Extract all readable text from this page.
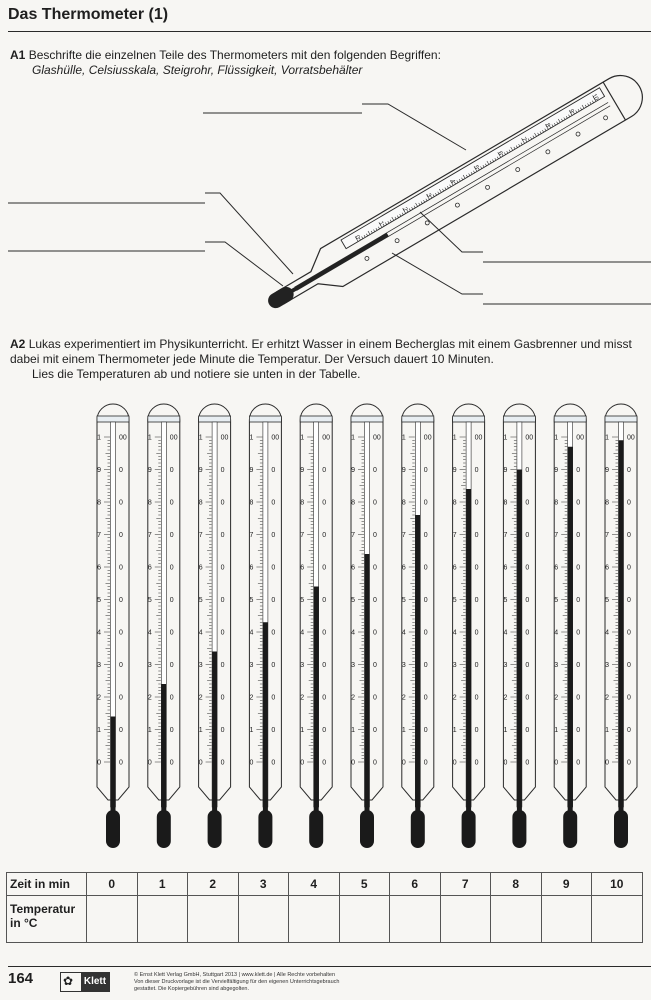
Das Thermometer (1)
A1 Beschrifte die einzelnen Teile des Thermometers mit den folgenden Begriffen:
Glashülle, Celsiusskala, Steigrohr, Flüssigkeit, Vorratsbehälter
0
1
2
3
4
5
6
7
8
9
10
A2 Lukas experimentiert im Physikunterricht. Er erhitzt Wasser in einem Becherglas mit einem Gasbrenner und misst dabei mit einem Thermometer jede Minute die Temperatur. Der Versuch dauert 10 Minuten.
Lies die Temperaturen ab und notiere sie unten in der Tabelle.
0	0
1	0
2	0
3	0
4	0
5	0
6	0
7	0
8	0
9	0
1	00
0	0
1	0
2	0
3	0
4	0
5	0
6	0
7	0
8	0
9	0
1	00
0	0
1	0
2	0
3	0
4	0
5	0
6	0
7	0
8	0
9	0
1	00
0	0
1	0
2	0
3	0
4	0
5	0
6	0
7	0
8	0
9	0
1	00
0	0
1	0
2	0
3	0
4	0
5	0
6	0
7	0
8	0
9	0
1	00
0	0
1	0
2	0
3	0
4	0
5	0
6	0
7	0
8	0
9	0
1	00
0	0
1	0
2	0
3	0
4	0
5	0
6	0
7	0
8	0
9	0
1	00
0	0
1	0
2	0
3	0
4	0
5	0
6	0
7	0
8	0
9	0
1	00
0	0
1	0
2	0
3	0
4	0
5	0
6	0
7	0
8	0
9	0
1	00
0	0
1	0
2	0
3	0
4	0
5	0
6	0
7	0
8	0
9	0
1	00
0	0
1	0
2	0
3	0
4	0
5	0
6	0
7	0
8	0
9	0
1	00
Zeit in min	0	1	2	3	4	5	6	7	8	9	10
Temperatur
in °C											
164 ✿ Klett
© Ernst Klett Verlag GmbH, Stuttgart 2013 | www.klett.de | Alle Rechte vorbehalten
Von dieser Druckvorlage ist die Vervielfältigung für den eigenen Unterrichtsgebrauch
gestattet. Die Kopiergebühren sind abgegolten.
